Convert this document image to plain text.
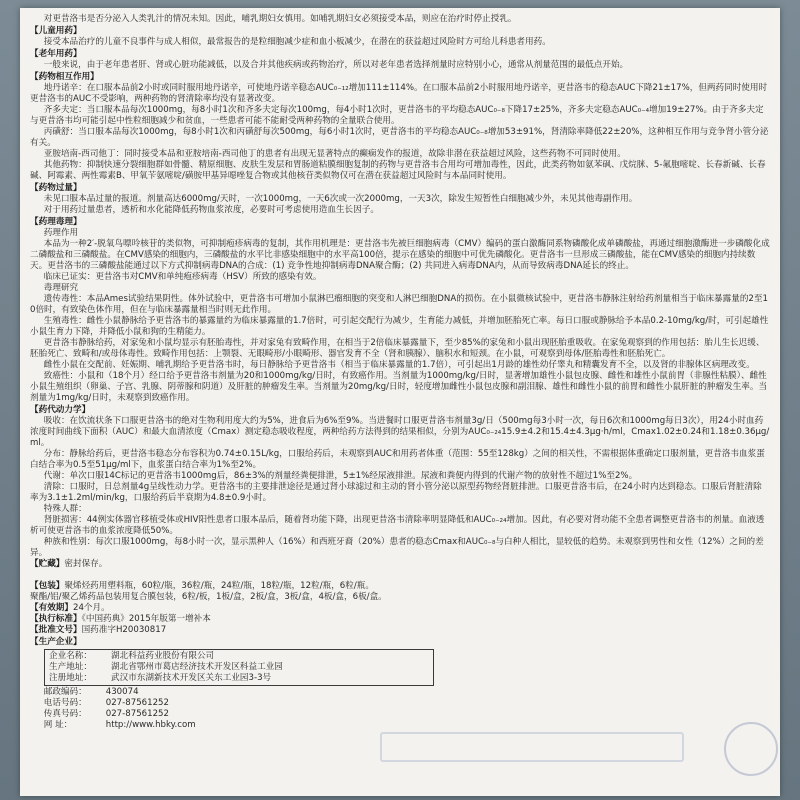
对更昔洛韦是否分泌入人类乳汁的情况未知。因此，哺乳期妇女慎用。如哺乳期妇女必须接受本品，则应在治疗时停止授乳。

【儿童用药】

接受本品治疗的儿童不良事件与成人相似，最常报告的是粒细胞减少症和血小板减少，在潜在的获益超过风险时方可给儿科患者用药。

【老年用药】

一般来说，由于老年患者肝、肾或心脏功能减低，以及合并其他疾病或药物治疗，所以对老年患者选择剂量时应特别小心，通常从剂量范围的最低点开始。

【药物相互作用】

地丹诺辛：在口服本品前2小时或同时服用地丹诺辛，可使地丹诺辛稳态AUC₀₋₁₂增加111±114%。在口服本品前2小时服用地丹诺辛，更昔洛韦的稳态AUC下降21±17%，但两药同时使用时更昔洛韦的AUC不受影响，两种药物的肾清除率均没有显著改变。

齐多夫定：当口服本品每次1000mg，每8小时1次和齐多夫定每次100mg，每4小时1次时，更昔洛韦的平均稳态AUC₀₋₈下降17±25%，齐多夫定稳态AUC₀₋₄增加19±27%。由于齐多夫定与更昔洛韦均可能引起中性粒细胞减少和贫血，一些患者可能不能耐受两种药物的全量联合使用。

丙磺舒：当口服本品每次1000mg，每8小时1次和丙磺舒每次500mg，每6小时1次时，更昔洛韦的平均稳态AUC₀₋₈增加53±91%，肾清除率降低22±20%，这种相互作用与竞争肾小管分泌有关。

亚胺培南-西司他丁：同时接受本品和亚胺培南-西司他丁的患者有出现无显著特点的癫痫发作的报道，故除非潜在获益超过风险，这些药物不可同时使用。

其他药物：抑制快速分裂细胞群如骨髓、精原细胞、皮肤生发层和胃肠道粘膜细胞复制的药物与更昔洛韦合用均可增加毒性，因此，此类药物如氨苯砜、戊烷脒、5-氟胞嘧啶、长春新碱、长春碱、阿霉素、两性霉素B、甲氧苄氨嘧啶/磺胺甲基异噁唑复合物或其他核苷类似物仅可在潜在获益超过风险时与本品同时使用。

【药物过量】

未见口服本品过量的报道。剂量高达6000mg/天时，一次1000mg，一天6次或一次2000mg，一天3次，除发生短暂性白细胞减少外，未见其他毒副作用。

对于用药过量患者，透析和水化能降低药物血浆浓度，必要时可考虑使用造血生长因子。

【药理毒理】

药理作用

本品为一种2′-脱氧鸟嘌呤核苷的类似物，可抑制疱疹病毒的复制，其作用机理是：更昔洛韦先被巨细胞病毒（CMV）编码的蛋白激酶同系物磷酸化成单磷酸盐，再通过细胞激酶进一步磷酸化成二磷酸盐和三磷酸盐。在CMV感染的细胞内，三磷酸盐的水平比非感染细胞中的水平高100倍，提示在感染的细胞中可优先磷酸化。更昔洛韦一旦形成三磷酸盐，能在CMV感染的细胞内持续数天。更昔洛韦的三磷酸盐能通过以下方式抑制病毒DNA的合成：(1) 竞争性地抑制病毒DNA聚合酶；(2) 共同进入病毒DNA内，从而导致病毒DNA延长的终止。

临床已证实：更昔洛韦对CMV和单纯疱疹病毒（HSV）所致的感染有效。

毒理研究

遗传毒性：本品Ames试验结果阴性。体外试验中，更昔洛韦可增加小鼠淋巴瘤细胞的突变和人淋巴细胞DNA的损伤。在小鼠微核试验中，更昔洛韦静脉注射给药剂量相当于临床暴露量的2至10倍时，有致染色体作用，但在与临床暴露量相当时则无此作用。

生殖毒性：雌性小鼠静脉给予更昔洛韦的暴露量约为临床暴露量的1.7倍时，可引起交配行为减少，生育能力减低，并增加胚胎死亡率。每日口服或静脉给予本品0.2-10mg/kg/时，可引起雄性小鼠生育力下降，并降低小鼠和狗的生精能力。

更昔洛韦静脉给药，对家兔和小鼠均显示有胚胎毒性，并对家兔有致畸作用，在相当于2倍临床暴露量下，至少85%的家兔和小鼠出现胚胎重吸收。在家兔观察到的作用包括：胎儿生长迟缓、胚胎死亡、致畸和/或母体毒性。致畸作用包括：上颚裂、无眼畸形/小眼畸形、器官发育不全（肾和胰腺）、脑积水和短颈。在小鼠，可观察到母体/胚胎毒性和胚胎死亡。

雌性小鼠在交配前、妊娠期、哺乳期给予更昔洛韦时，每日静脉给予更昔洛韦（相当于临床暴露量的1.7倍），可引起出1月龄的雄性幼仔睾丸和精囊发育不全，以及肾的非腺体区病理改变。

致癌性：小鼠和（18个月）经口给予更昔洛韦剂量为20和1000mg/kg/日时，有致癌作用。当剂量为1000mg/kg/日时，显著增加雄性小鼠包皮腺、雌性和雄性小鼠前胃（非腺性粘膜）、雌性小鼠生殖组织（卵巢、子宫、乳腺、阴蒂腺和阴道）及肝脏的肿瘤发生率。当剂量为20mg/kg/日时，轻度增加雌性小鼠包皮腺和副泪腺、雄性和雌性小鼠的前胃和雌性小鼠肝脏的肿瘤发生率。当剂量为1mg/kg/日时，未观察到致癌作用。

【药代动力学】

吸收：在饮流状条下口服更昔洛韦的绝对生物利用度大约为5%，进食后为6%至9%。当进餐时口服更昔洛韦剂量3g/日（500mg每3小时一次，每日6次和1000mg每日3次），用24小时血药浓度时间曲线下面积（AUC）和最大血清浓度（Cmax）测定稳态吸收程度，两种给药方法得到的结果相似，分别为AUC₀₋₂₄15.9±4.2和15.4±4.3μg·h/ml，Cmax1.02±0.24和1.18±0.36μg/ml。

分布：静脉给药后，更昔洛韦稳态分布容积为0.74±0.15L/kg，口服给药后，未观察到AUC和用药者体重（范围：55至128kg）之间的相关性，不需根据体重确定口服剂量，更昔洛韦血浆蛋白结合率为0.5至51μg/ml下，血浆蛋白结合率为1%至2%。

代谢：单次口服14C标记的更昔洛韦1000mg后，86±3%的剂量经粪便排泄，5±1%经尿液排泄。尿液和粪便内得到的代谢产物的放射性不超过1%至2%。

清除：口服时，日总剂量4g呈线性动力学。更昔洛韦的主要排泄途径是通过肾小球滤过和主动的肾小管分泌以原型药物经肾脏排泄。口服更昔洛韦后，在24小时内达到稳态。口服后肾脏清除率为3.1±1.2ml/min/kg，口服给药后半衰期为4.8±0.9小时。

特殊人群：

肾脏损害：44例实体器官移植受体或HIV阳性患者口服本品后，随着肾功能下降，出现更昔洛韦清除率明显降低和AUC₀₋₂₄增加。因此，有必要对肾功能不全患者调整更昔洛韦的剂量。血液透析可使更昔洛韦的血浆浓度降低50%。

种族和性别：每次口服1000mg，每8小时一次，显示黑种人（16%）和西班牙裔（20%）患者的稳态Cmax和AUC₀₋₈与白种人相比，显较低的趋势。未观察到男性和女性（12%）之间的差异。

【贮藏】密封保存。

【包装】聚烯烃药用塑料瓶，60粒/瓶，36粒/瓶，24粒/瓶，18粒/瓶，12粒/瓶，6粒/瓶。
聚酯/铝/聚乙烯药品包装用复合膜包装，6粒/板，1板/盒，2板/盒，3板/盒，4板/盒，6板/盒。

【有效期】24个月。

【执行标准】《中国药典》2015年版第一增补本

【批准文号】国药准字H20030817

【生产企业】
企业名称： 湖北科益药业股份有限公司
生产地址： 湖北省鄂州市葛店经济技术开发区科益工业园
注册地址： 武汉市东湖新技术开发区关东工业园3-3号
邮政编码： 430074
电话号码： 027-87561252
传真号码： 027-87561252
网 址：	http://www.hbky.com
